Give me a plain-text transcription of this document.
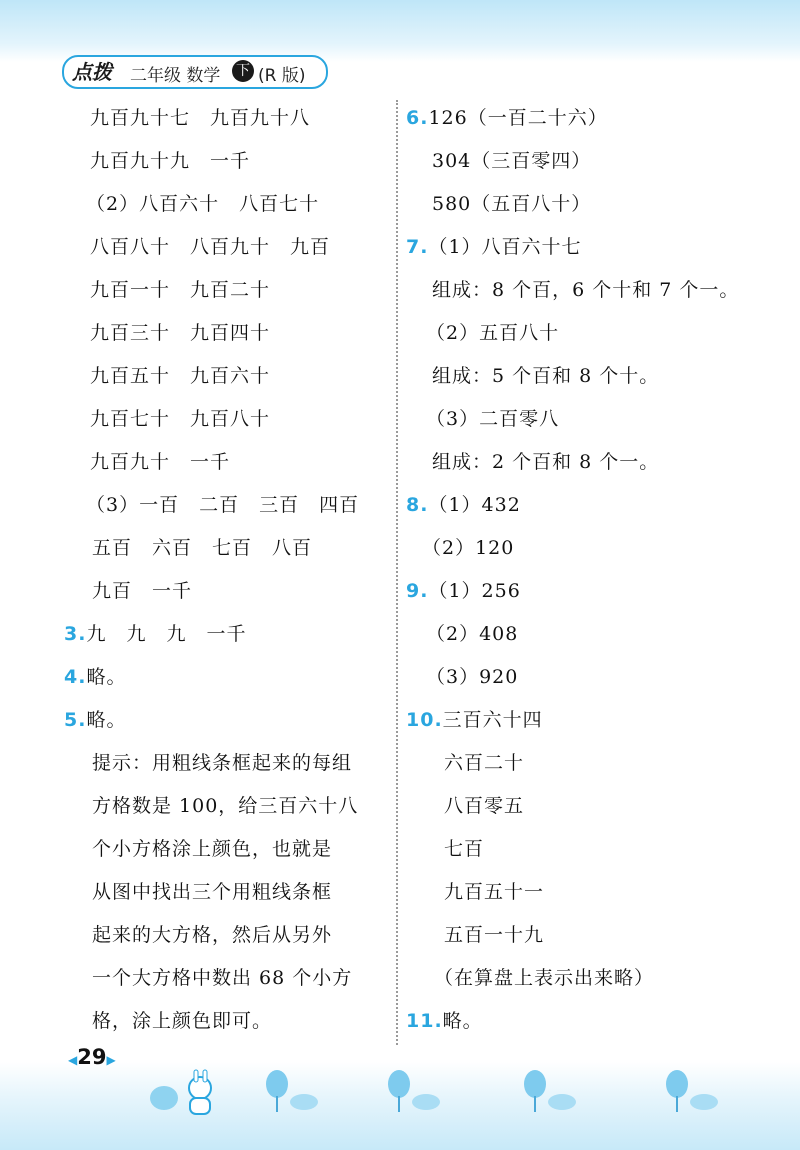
点拨 二年级 数学 下 (R 版)
九百九十七　九百九十八
九百九十九　一千
（2）八百六十　八百七十
八百八十　八百九十　九百
九百一十　九百二十
九百三十　九百四十
九百五十　九百六十
九百七十　九百八十
九百九十　一千
（3）一百　二百　三百　四百
五百　六百　七百　八百
九百　一千
3.九　九　九　一千
4.略。
5.略。
提示：用粗线条框起来的每组
方格数是 100，给三百六十八
个小方格涂上颜色，也就是
从图中找出三个用粗线条框
起来的大方格，然后从另外
一个大方格中数出 68 个小方
格，涂上颜色即可。
6.126（一百二十六）
304（三百零四）
580（五百八十）
7.（1）八百六十七
组成：8 个百，6 个十和 7 个一。
（2）五百八十
组成：5 个百和 8 个十。
（3）二百零八
组成：2 个百和 8 个一。
8.（1）432
（2）120
9.（1）256
（2）408
（3）920
10.三百六十四
六百二十
八百零五
七百
九百五十一
五百一十九
（在算盘上表示出来略）
11.略。
◀29▶
